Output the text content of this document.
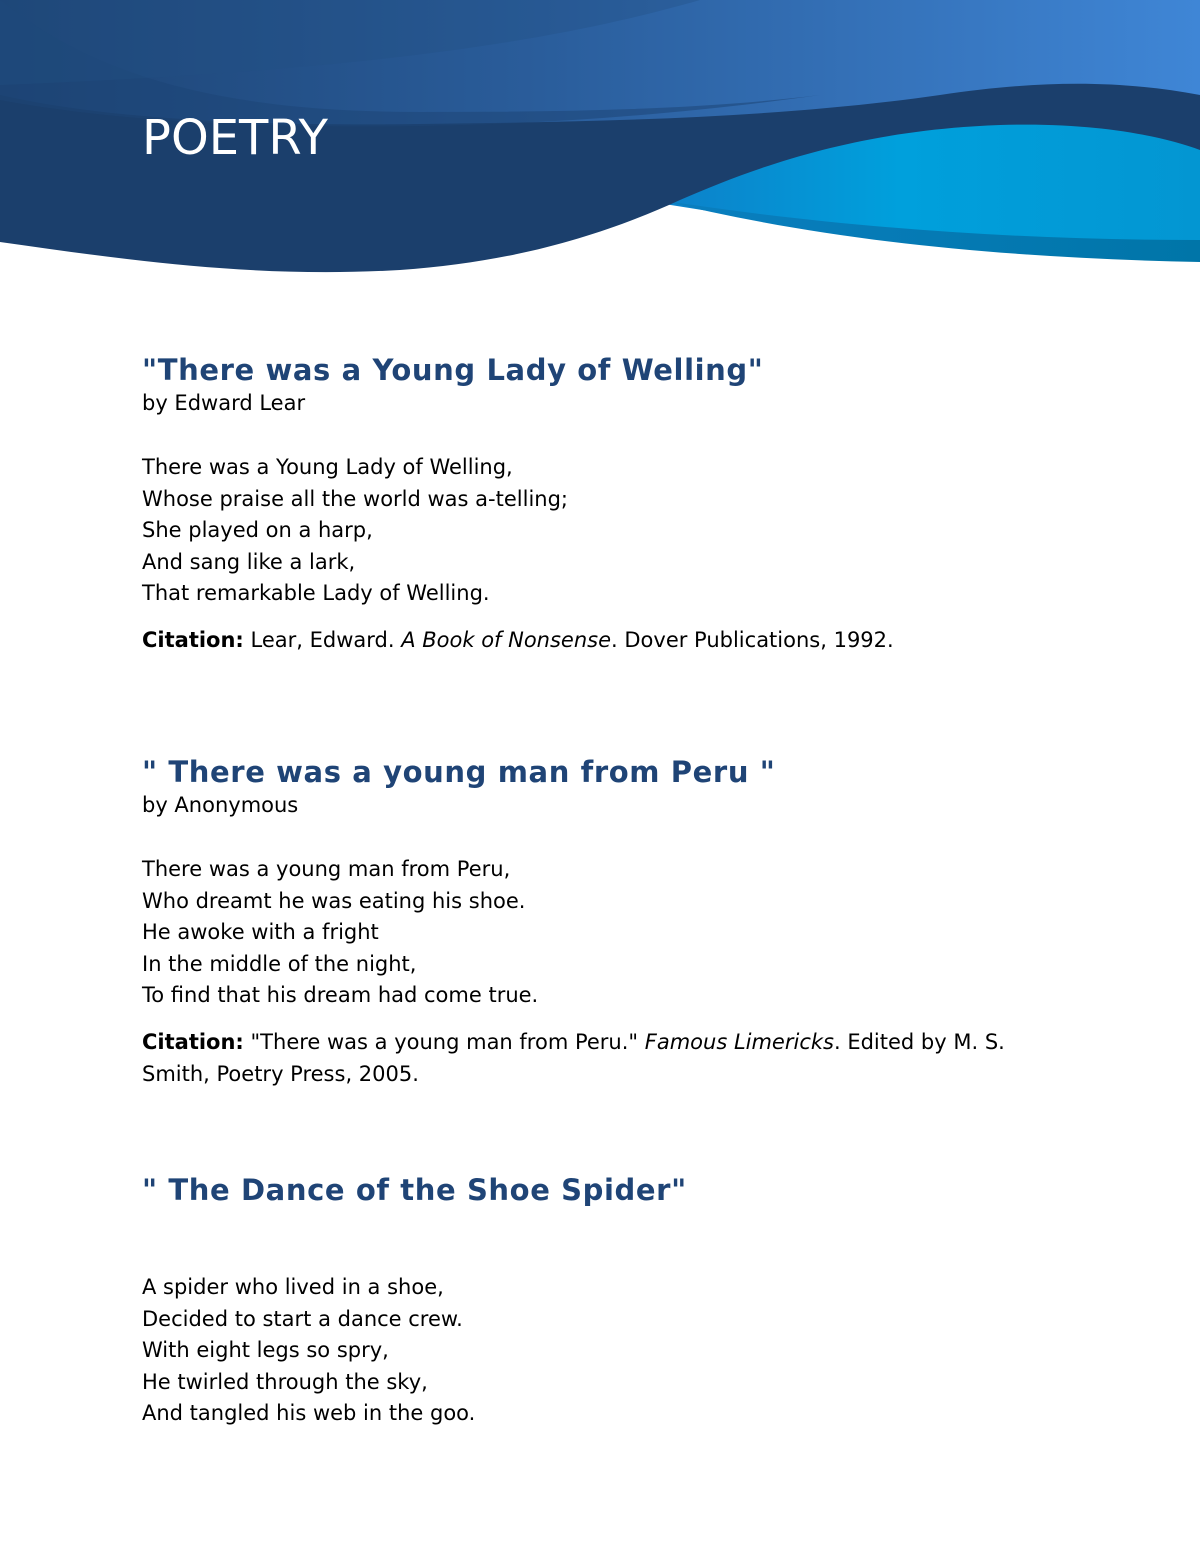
POETRY
"There was a Young Lady of Welling"

by Edward Lear

There was a Young Lady of Welling,
Whose praise all the world was a-telling;
She played on a harp,
And sang like a lark,
That remarkable Lady of Welling.

Citation: Lear, Edward. A Book of Nonsense. Dover Publications, 1992.

" There was a young man from Peru "

by Anonymous

There was a young man from Peru,
Who dreamt he was eating his shoe.
He awoke with a fright
In the middle of the night,
To find that his dream had come true.

Citation: "There was a young man from Peru." Famous Limericks. Edited by M. S. Smith, Poetry Press, 2005.

" The Dance of the Shoe Spider"
A spider who lived in a shoe,
Decided to start a dance crew.
With eight legs so spry,
He twirled through the sky,
And tangled his web in the goo.
